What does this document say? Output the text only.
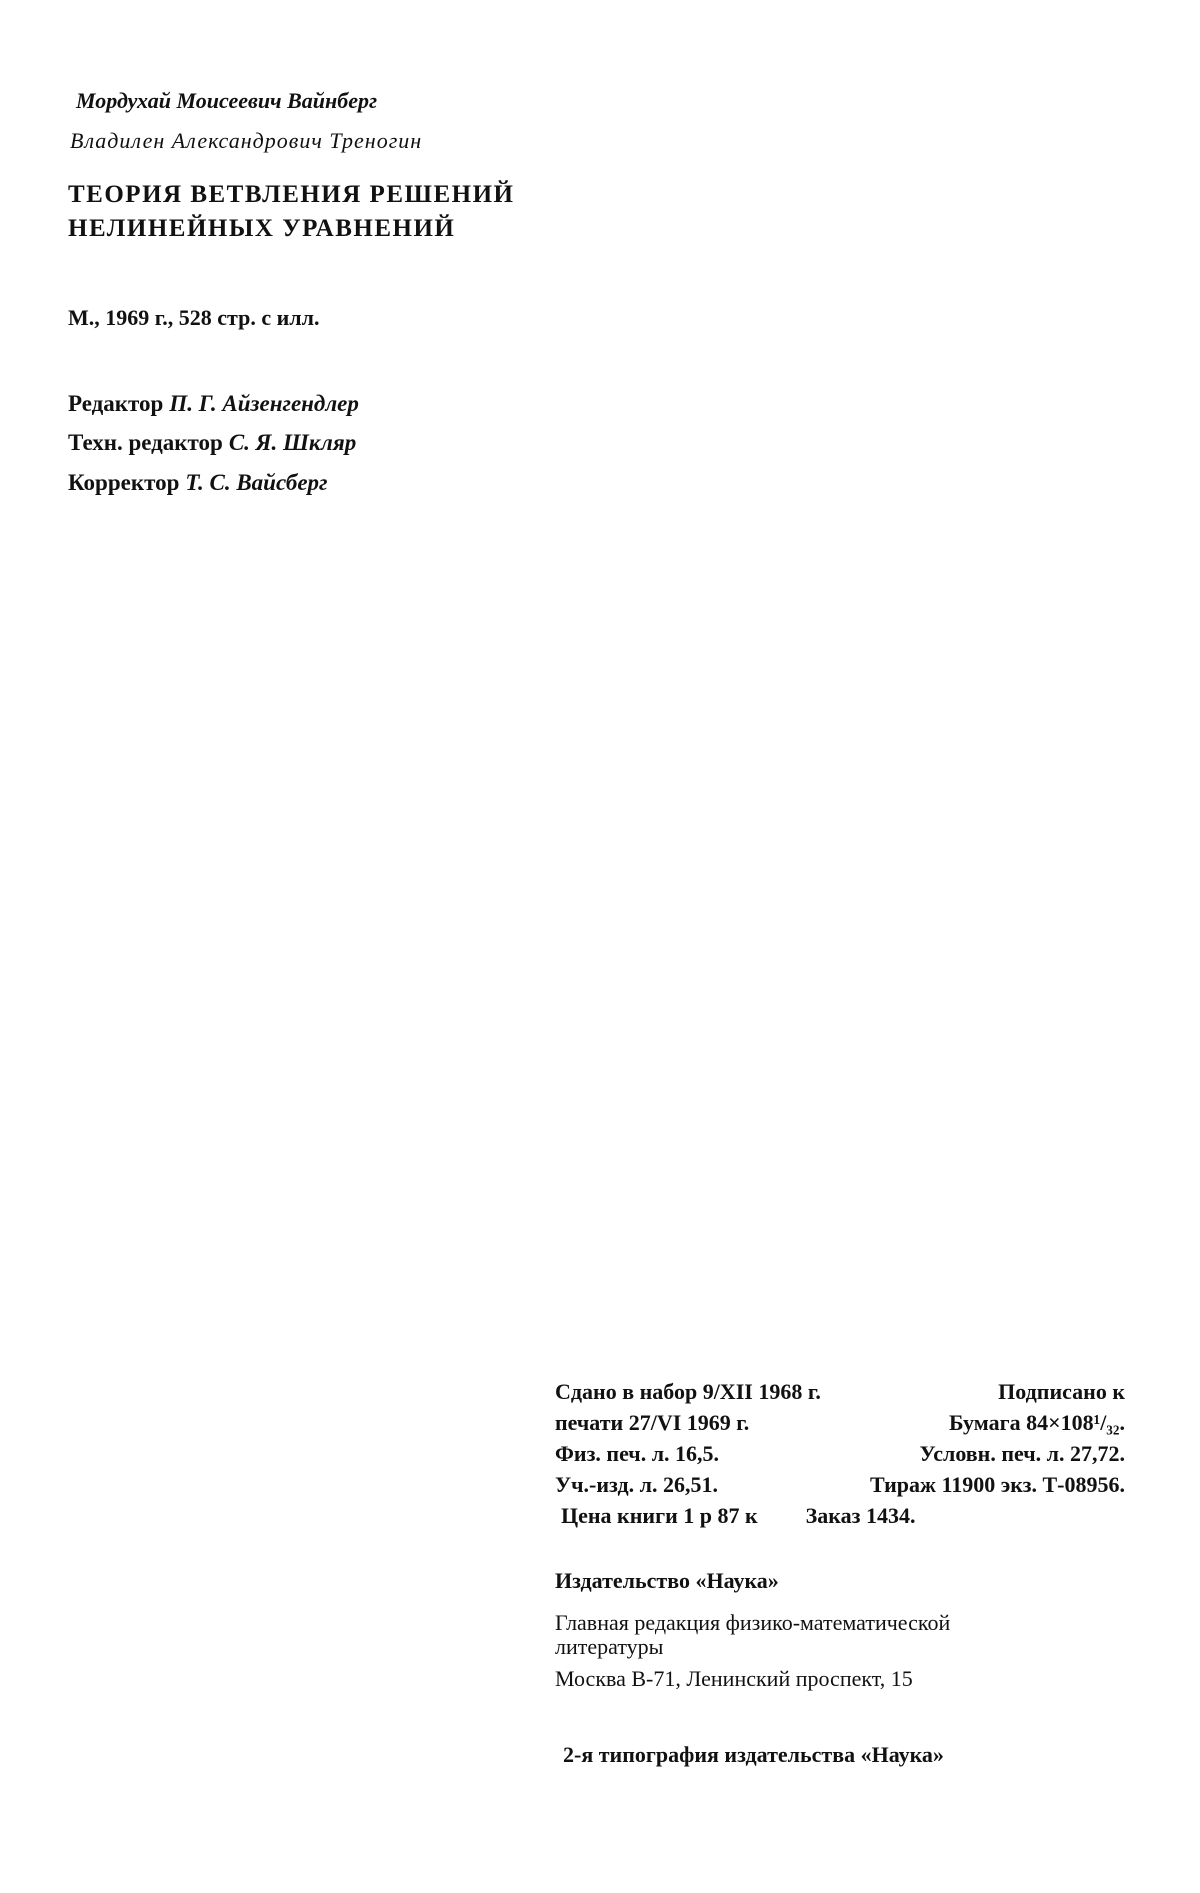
Мордухай Моисеевич Вайнберг
Владилен Александрович Треногин
ТЕОРИЯ ВЕТВЛЕНИЯ РЕШЕНИЙ
НЕЛИНЕЙНЫХ УРАВНЕНИЙ
М., 1969 г., 528 стр. с илл.
Редактор П. Г. Айзенгендлер
Техн. редактор С. Я. Шкляр
Корректор Т. С. Вайсберг
Сдано в набор 9/XII 1968 г.	Подписано к
печати 27/VI 1969 г.	Бумага 84×108¹/₃₂.
Физ. печ. л. 16,5.	Условн. печ. л. 27,72.
Уч.-изд. л. 26,51.	Тираж 11900 экз. Т-08956.
Цена книги 1 р 87 к Заказ 1434.
Издательство «Наука»
Главная редакция физико-математической
литературы
Москва В-71, Ленинский проспект, 15
2-я типография издательства «Наука»
